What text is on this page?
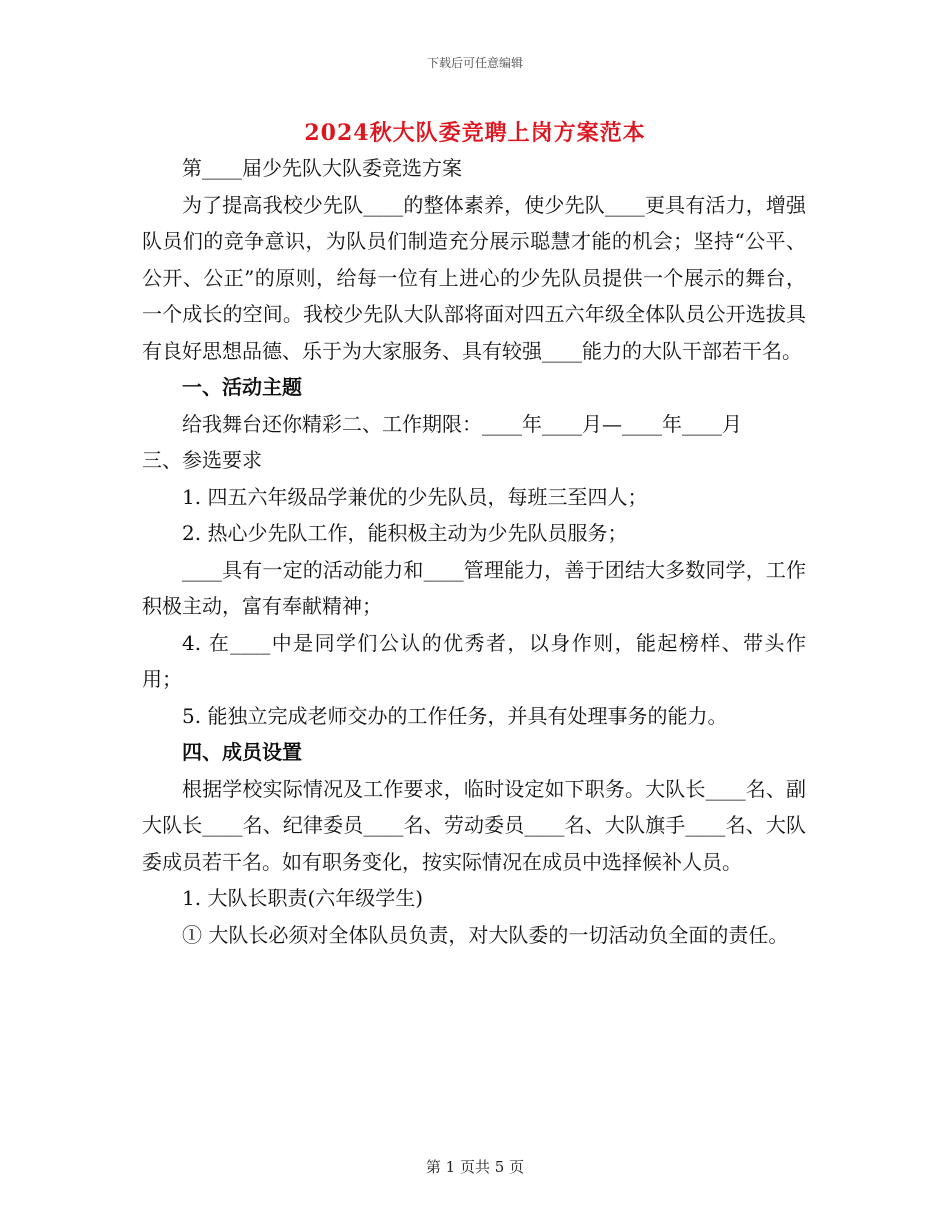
下载后可任意编辑
2024秋大队委竞聘上岗方案范本

第____届少先队大队委竞选方案

为了提高我校少先队____的整体素养，使少先队____更具有活力，增强队员们的竞争意识，为队员们制造充分展示聪慧才能的机会；坚持“公平、公开、公正”的原则，给每一位有上进心的少先队员提供一个展示的舞台，一个成长的空间。我校少先队大队部将面对四五六年级全体队员公开选拔具有良好思想品德、乐于为大家服务、具有较强____能力的大队干部若干名。

一、活动主题

给我舞台还你精彩二、工作期限：____年____月—____年____月

三、参选要求

1. 四五六年级品学兼优的少先队员，每班三至四人；

2. 热心少先队工作，能积极主动为少先队员服务；

____具有一定的活动能力和____管理能力，善于团结大多数同学，工作积极主动，富有奉献精神；

4. 在____中是同学们公认的优秀者，以身作则，能起榜样、带头作用；

5. 能独立完成老师交办的工作任务，并具有处理事务的能力。

四、成员设置

根据学校实际情况及工作要求，临时设定如下职务。大队长____名、副大队长____名、纪律委员____名、劳动委员____名、大队旗手____名、大队委成员若干名。如有职务变化，按实际情况在成员中选择候补人员。

1. 大队长职责(六年级学生)

① 大队长必须对全体队员负责，对大队委的一切活动负全面的责任。

第 1 页共 5 页
